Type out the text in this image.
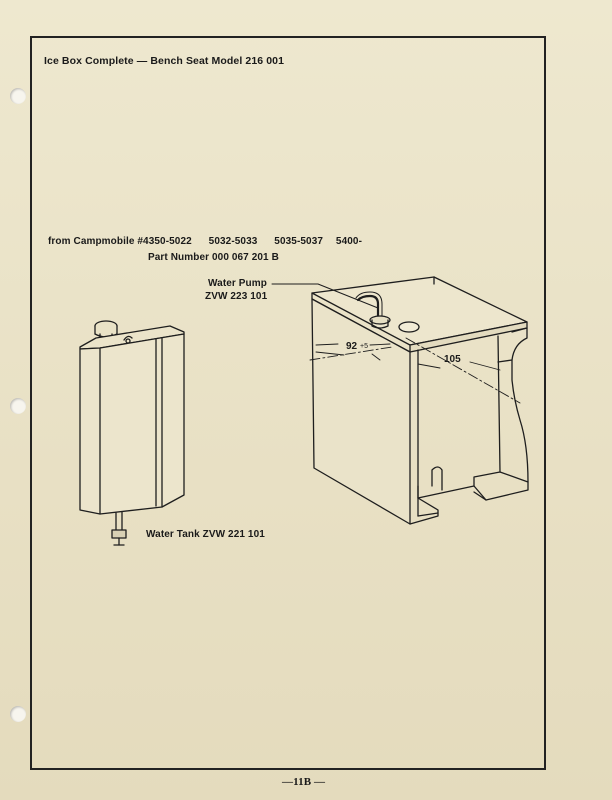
Ice Box Complete — Bench Seat Model 216 001
from Campmobile #4350-5022 5032-5033 5035-5037 5400-
Part Number 000 067 201 B
Water Pump
ZVW 223 101
Water Tank ZVW 221 101
—11B —
92 +5
105
